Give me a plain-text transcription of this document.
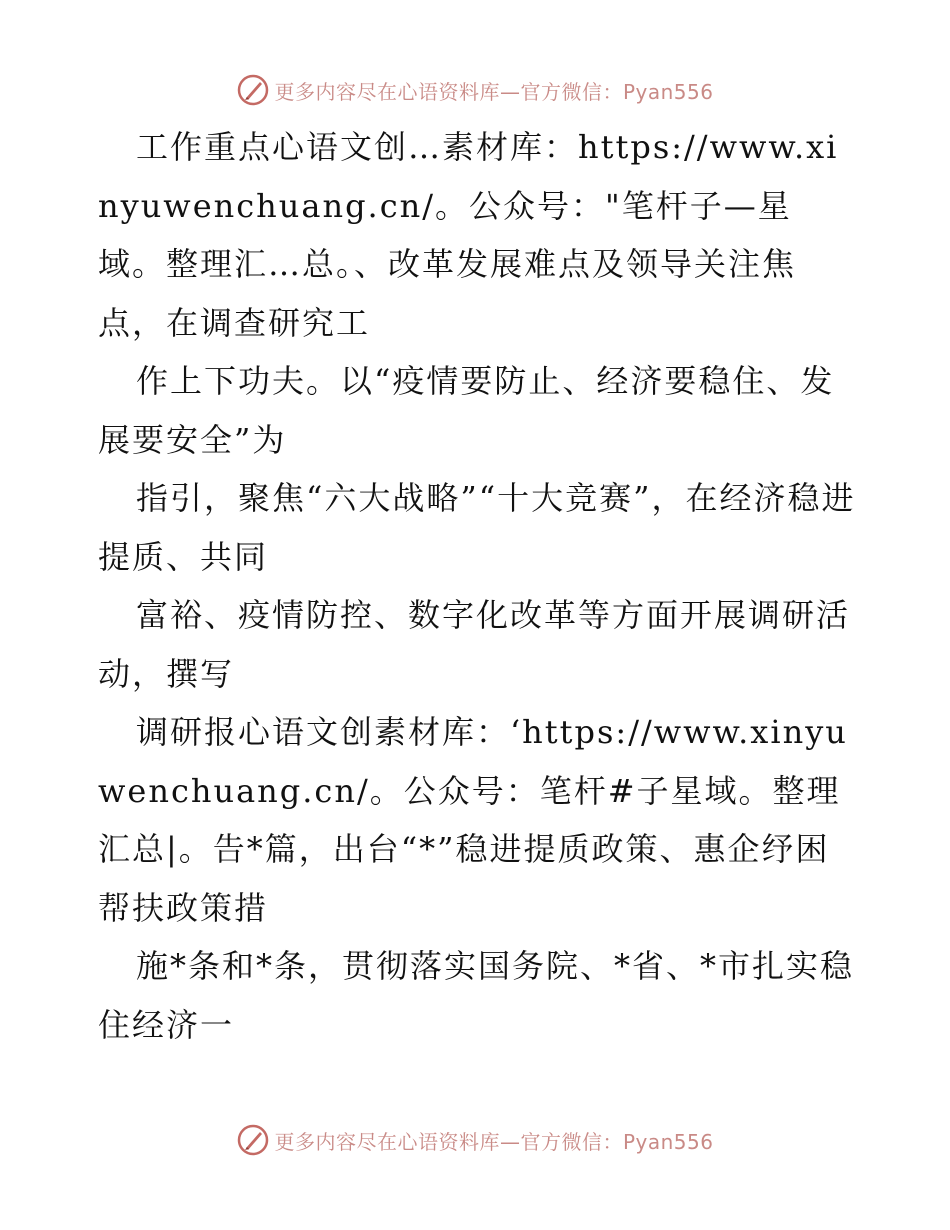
更多内容尽在心语资料库—官方微信：Pyan556

工作重点心语文创…素材库：https://www.xinyuwenchuang.cn/。公众号："笔杆子—星域。整理汇…总。、改革发展难点及领导关注焦点，在调查研究工

作上下功夫。以“疫情要防止、经济要稳住、发展要安全”为

指引，聚焦“六大战略”“十大竞赛”，在经济稳进提质、共同

富裕、疫情防控、数字化改革等方面开展调研活动，撰写

调研报心语文创素材库：‘https://www.xinyuwenchuang.cn/。公众号：笔杆#子星域。整理汇总|。告*篇，出台“*”稳进提质政策、惠企纾困帮扶政策措

施*条和*条，贯彻落实国务院、*省、*市扎实稳住经济一

更多内容尽在心语资料库—官方微信：Pyan556
